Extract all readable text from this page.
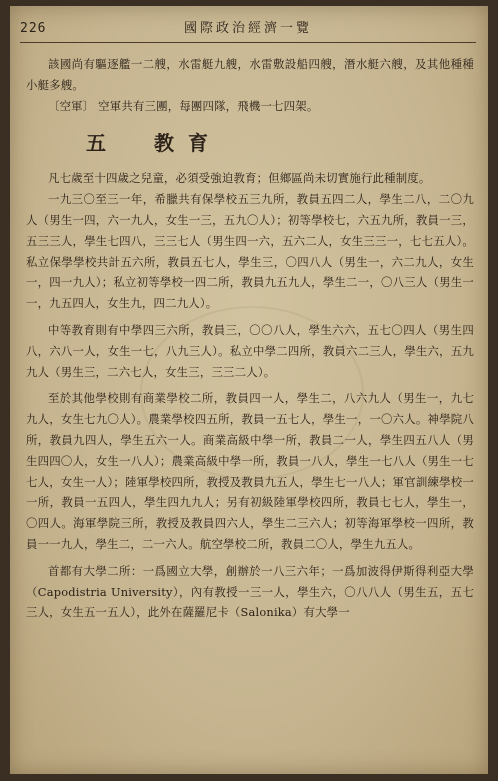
226	國際政治經濟一覽

該國尚有驅逐艦一二艘，水雷艇九艘，水雷敷設船四艘，潛水艇六艘，及其他種種小艇多艘。

〔空軍〕 空軍共有三團，每團四隊，飛機一七四架。

五　教育

凡七歲至十四歲之兒童，必須受強迫教育；但鄉區尚未切實施行此種制度。

一九三〇至三一年，希臘共有保學校五三九所，教員五四二人，學生二八，二〇九人（男生一四，六一九人，女生一三，五九〇人）；初等學校七，六五九所，教員一三，五三三人，學生七四八，三三七人（男生四一六，五六二人，女生三三一，七七五人）。私立保學學校共計五六所，教員五七人，學生三，〇四八人（男生一，六二九人，女生一，四一九人）；私立初等學校一四二所，教員九五九人，學生二一，〇八三人（男生一一，九五四人，女生九，四二九人）。

中等教育則有中學四三六所，教員三，〇〇八人，學生六六，五七〇四人（男生四八，六八一人，女生一七，八九三人）。私立中學二四所，教員六二三人，學生六，五九九人（男生三，二六七人，女生三，三三二人）。

至於其他學校則有商業學校二所，教員四一人，學生二，八六九人（男生一，九七九人，女生七九〇人）。農業學校四五所，教員一五七人，學生一，一〇六人。神學院八所，教員九四人，學生五六一人。商業高級中學一所，教員二一人，學生四五八人（男生四四〇人，女生一八人）；農業高級中學一所，教員一八人，學生一七八人（男生一七七人，女生一人）；陸軍學校四所，教授及教員九五人，學生七一八人；軍官訓練學校一一所，教員一五四人，學生四九九人；另有初級陸軍學校四所，教員七七人，學生一，〇四人。海軍學院三所，教授及教員四六人，學生二三六人；初等海軍學校一四所，教員一一九人，學生二，二一六人。航空學校二所，教員二〇人，學生九五人。

首都有大學二所：一爲國立大學，創辦於一八三六年；一爲加波得伊斯得利亞大學（Capodistria University），內有教授一三一人，學生六，〇八八人（男生五，五七三人，女生五一五人），此外在薩羅尼卡（Salonika）有大學一
